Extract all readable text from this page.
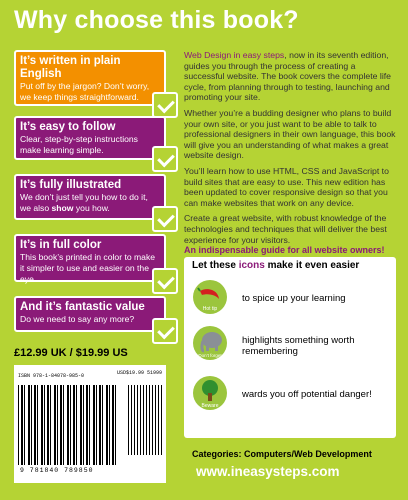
Why choose this book?
It’s written in plain English
Put off by the jargon? Don’t worry, we keep things straightforward.
It’s easy to follow
Clear, step-by-step instructions make learning simple.
It’s fully illustrated
We don’t just tell you how to do it, we also show you how.
It’s in full color
This book’s printed in color to make it simpler to use and easier on the eye.
And it’s fantastic value
Do we need to say any more?

Web Design in easy steps, now in its seventh edition, guides you through the process of creating a successful website. The book covers the complete life cycle, from planning through to testing, launching and promoting your site.

Whether you’re a budding designer who plans to build your own site, or you just want to be able to talk to professional designers in their own language, this book will give you an understanding of what makes a great website design.

You’ll learn how to use HTML, CSS and JavaScript to build sites that are easy to use. This new edition has been updated to cover responsive design so that you can make websites that work on any device.

Create a great website, with robust knowledge of the technologies and techniques that will deliver the best experience for your visitors.

An indispensable guide for all website owners!
Let these icons make it even easier
Hot tip
to spice up your learning
Don’t forget
highlights something worth remembering
Beware
wards you off potential danger!
£12.99 UK / $19.99 US
ISBN 978-1-84078-985-0	USD$19.99 51999
9 781840 789850
Categories: Computers/Web Development
www.ineasysteps.com
